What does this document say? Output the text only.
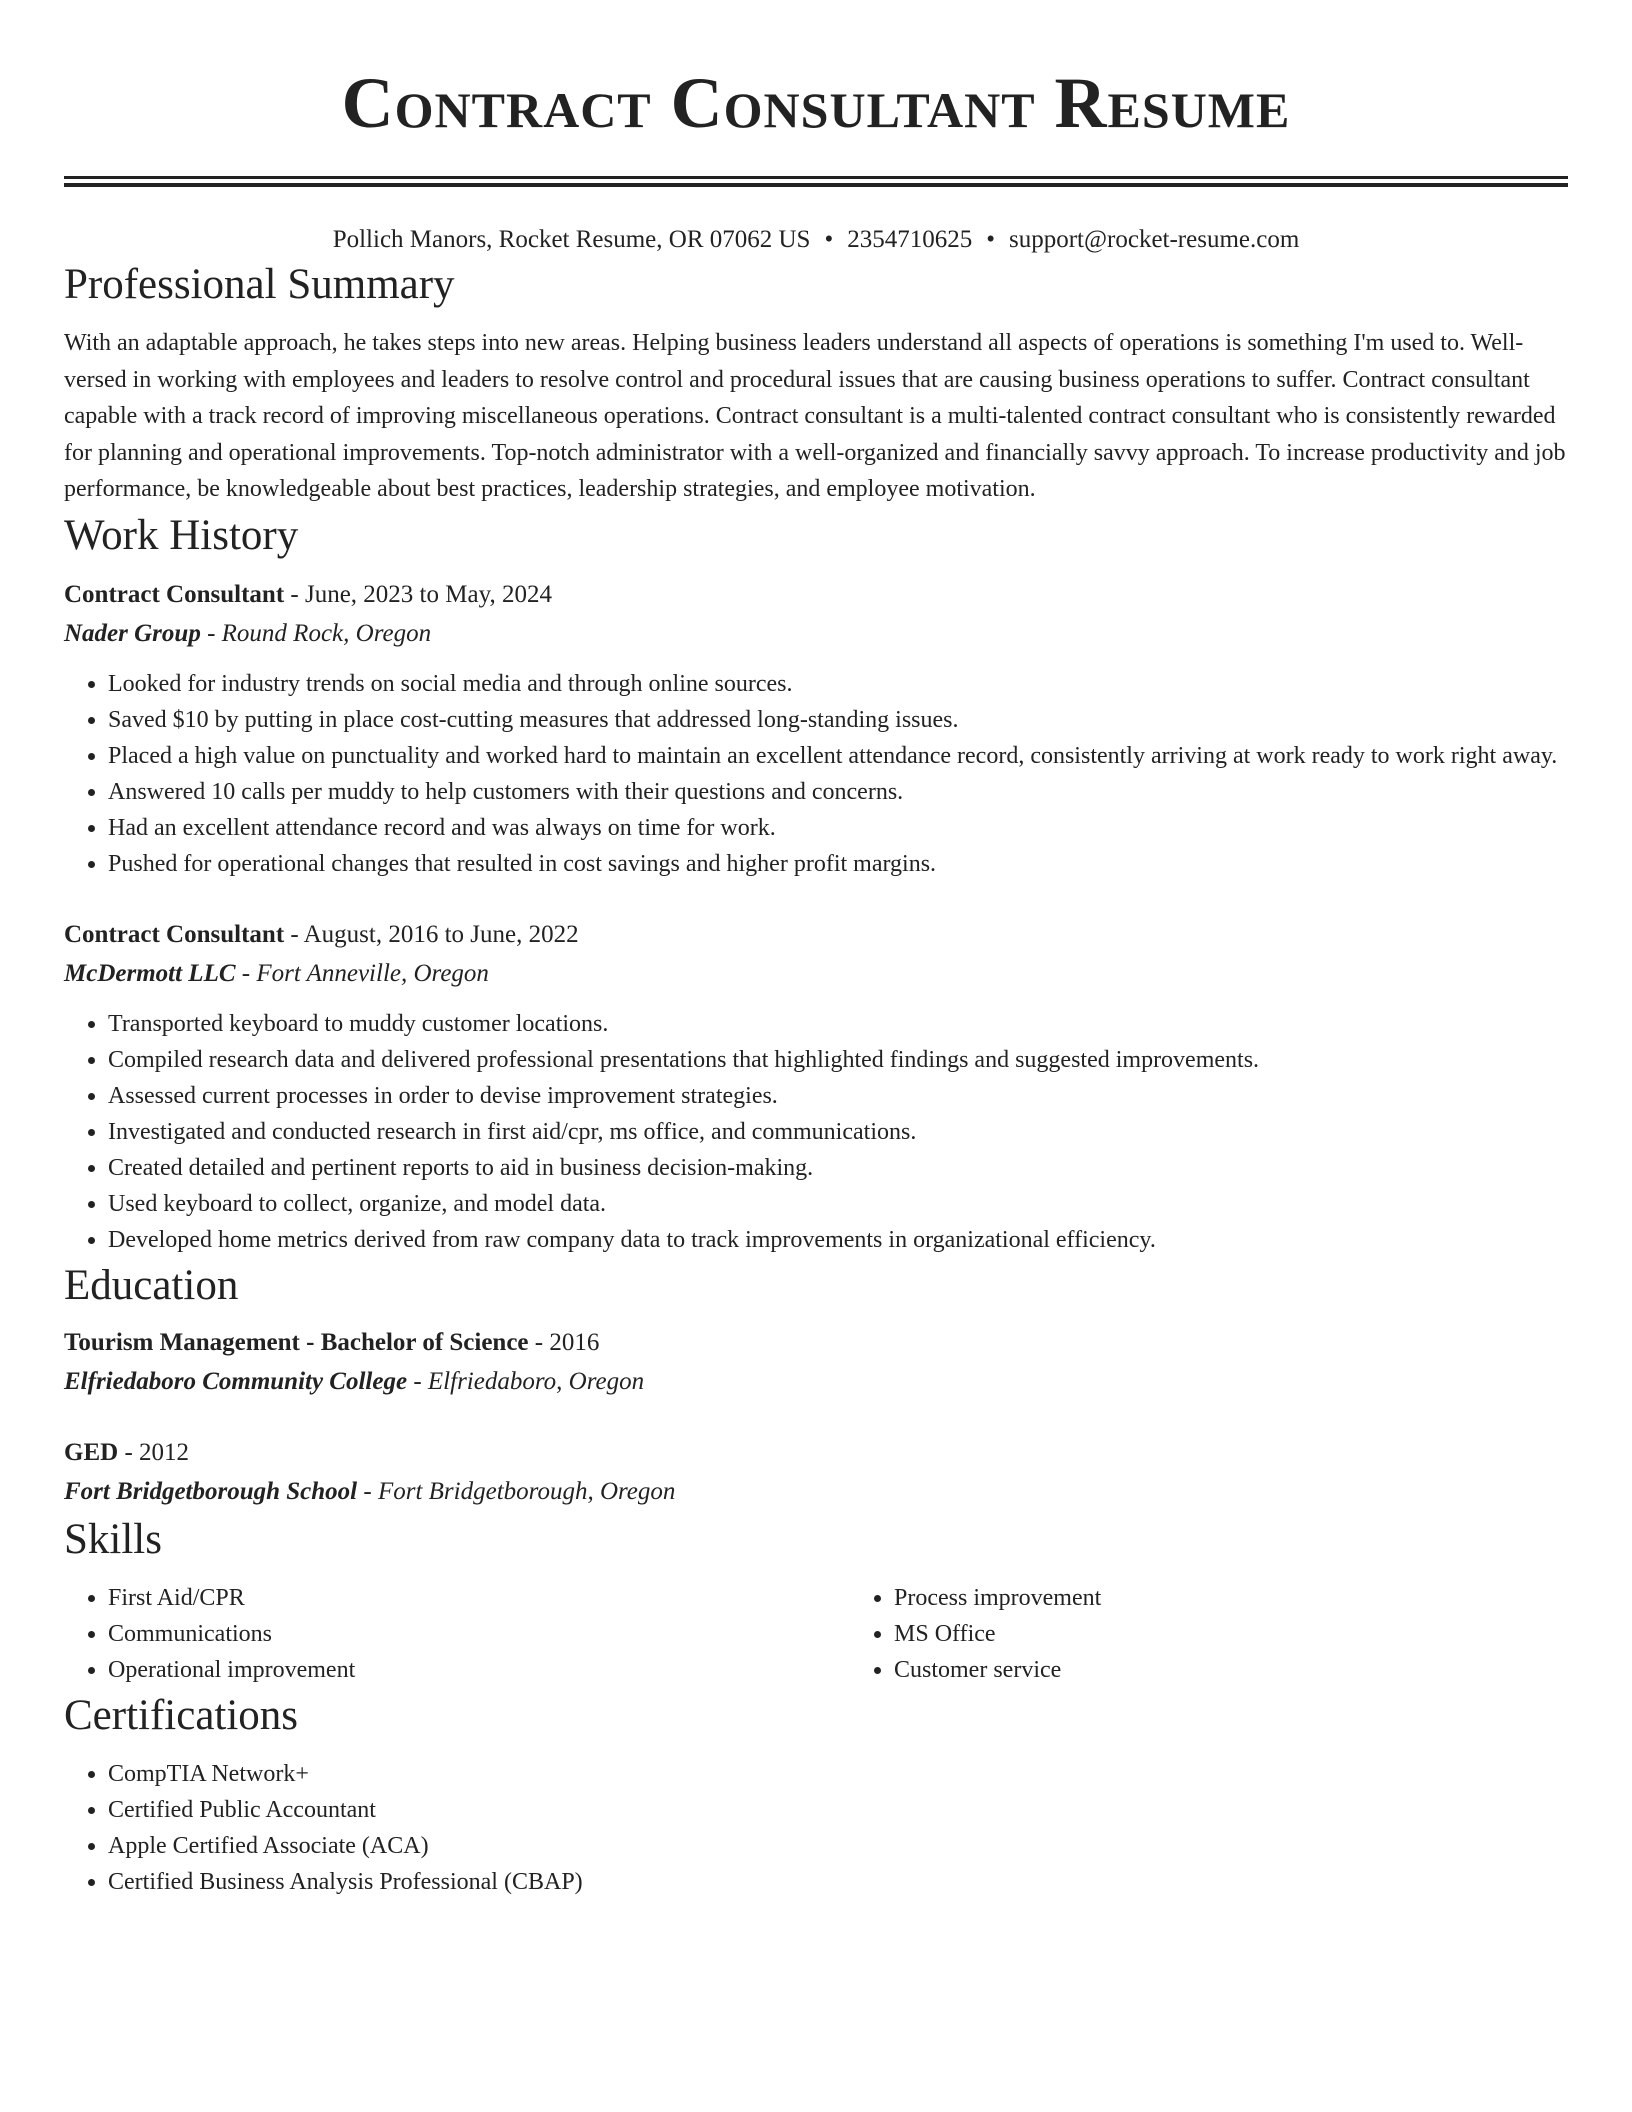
Contract Consultant Resume
Pollich Manors, Rocket Resume, OR 07062 US • 2354710625 • support@rocket-resume.com
Professional Summary

With an adaptable approach, he takes steps into new areas. Helping business leaders understand all aspects of operations is something I'm used to. Well-versed in working with employees and leaders to resolve control and procedural issues that are causing business operations to suffer. Contract consultant capable with a track record of improving miscellaneous operations. Contract consultant is a multi-talented contract consultant who is consistently rewarded for planning and operational improvements. Top-notch administrator with a well-organized and financially savvy approach. To increase productivity and job performance, be knowledgeable about best practices, leadership strategies, and employee motivation.

Work History
Contract Consultant - June, 2023 to May, 2024
Nader Group - Round Rock, Oregon
• Looked for industry trends on social media and through online sources.
• Saved $10 by putting in place cost-cutting measures that addressed long-standing issues.
• Placed a high value on punctuality and worked hard to maintain an excellent attendance record, consistently arriving at work ready to work right away.
• Answered 10 calls per muddy to help customers with their questions and concerns.
• Had an excellent attendance record and was always on time for work.
• Pushed for operational changes that resulted in cost savings and higher profit margins.
Contract Consultant - August, 2016 to June, 2022
McDermott LLC - Fort Anneville, Oregon
• Transported keyboard to muddy customer locations.
• Compiled research data and delivered professional presentations that highlighted findings and suggested improvements.
• Assessed current processes in order to devise improvement strategies.
• Investigated and conducted research in first aid/cpr, ms office, and communications.
• Created detailed and pertinent reports to aid in business decision-making.
• Used keyboard to collect, organize, and model data.
• Developed home metrics derived from raw company data to track improvements in organizational efficiency.
Education
Tourism Management - Bachelor of Science - 2016
Elfriedaboro Community College - Elfriedaboro, Oregon
GED - 2012
Fort Bridgetborough School - Fort Bridgetborough, Oregon
Skills
• First Aid/CPR
• Communications
• Operational improvement
• Process improvement
• MS Office
• Customer service
Certifications
• CompTIA Network+
• Certified Public Accountant
• Apple Certified Associate (ACA)
• Certified Business Analysis Professional (CBAP)
